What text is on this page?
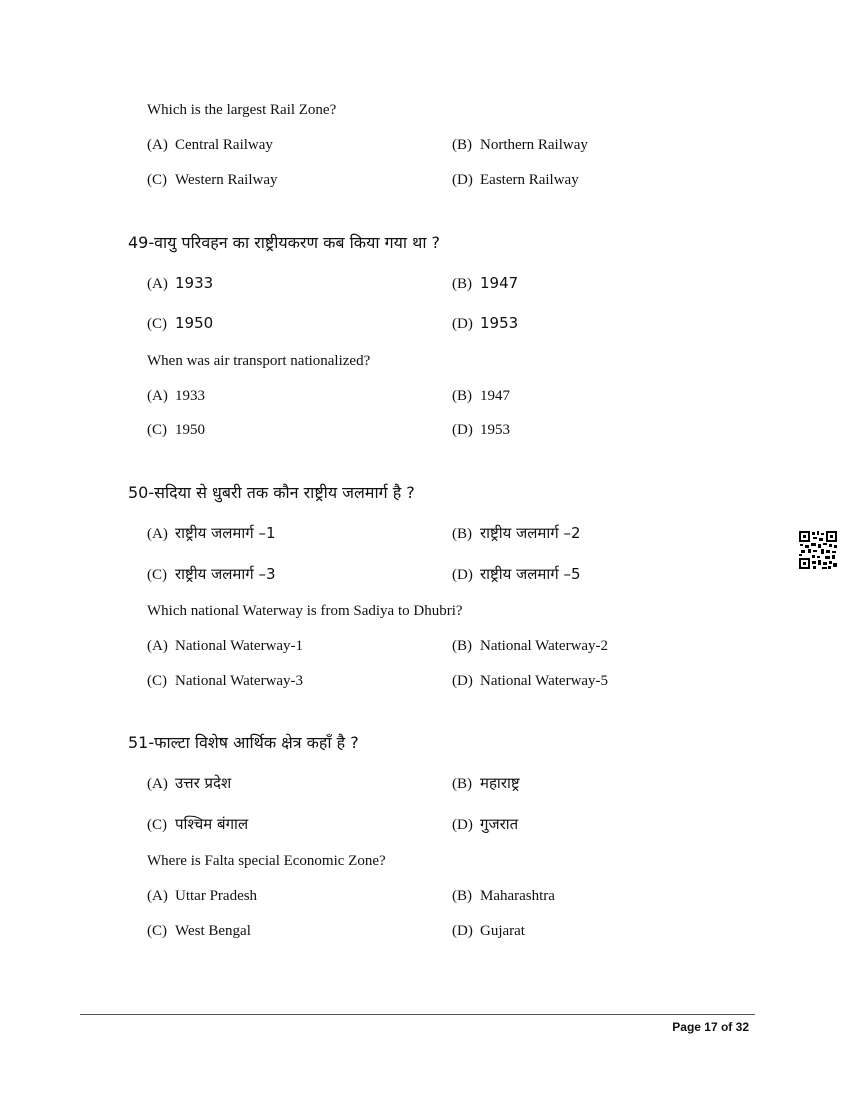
Which is the largest Rail Zone?
(A) Central Railway	(B) Northern Railway
(C) Western Railway	(D) Eastern Railway
49-वायु परिवहन का राष्ट्रीयकरण कब किया गया था ?
(A) 1933	(B) 1947
(C) 1950	(D) 1953
When was air transport nationalized?
(A) 1933	(B) 1947
(C) 1950	(D) 1953
50-सदिया से धुबरी तक कौन राष्ट्रीय जलमार्ग है ?
(A) राष्ट्रीय जलमार्ग –1	(B) राष्ट्रीय जलमार्ग –2
(C) राष्ट्रीय जलमार्ग –3	(D) राष्ट्रीय जलमार्ग –5
Which national Waterway is from Sadiya to Dhubri?
(A) National Waterway-1	(B) National Waterway-2
(C) National Waterway-3	(D) National Waterway-5
51-फाल्टा विशेष आर्थिक क्षेत्र कहाँ है ?
(A) उत्तर प्रदेश	(B) महाराष्ट्र
(C) पश्चिम बंगाल	(D) गुजरात
Where is Falta special Economic Zone?
(A) Uttar Pradesh	(B) Maharashtra
(C) West Bengal	(D) Gujarat
Page 17 of 32
